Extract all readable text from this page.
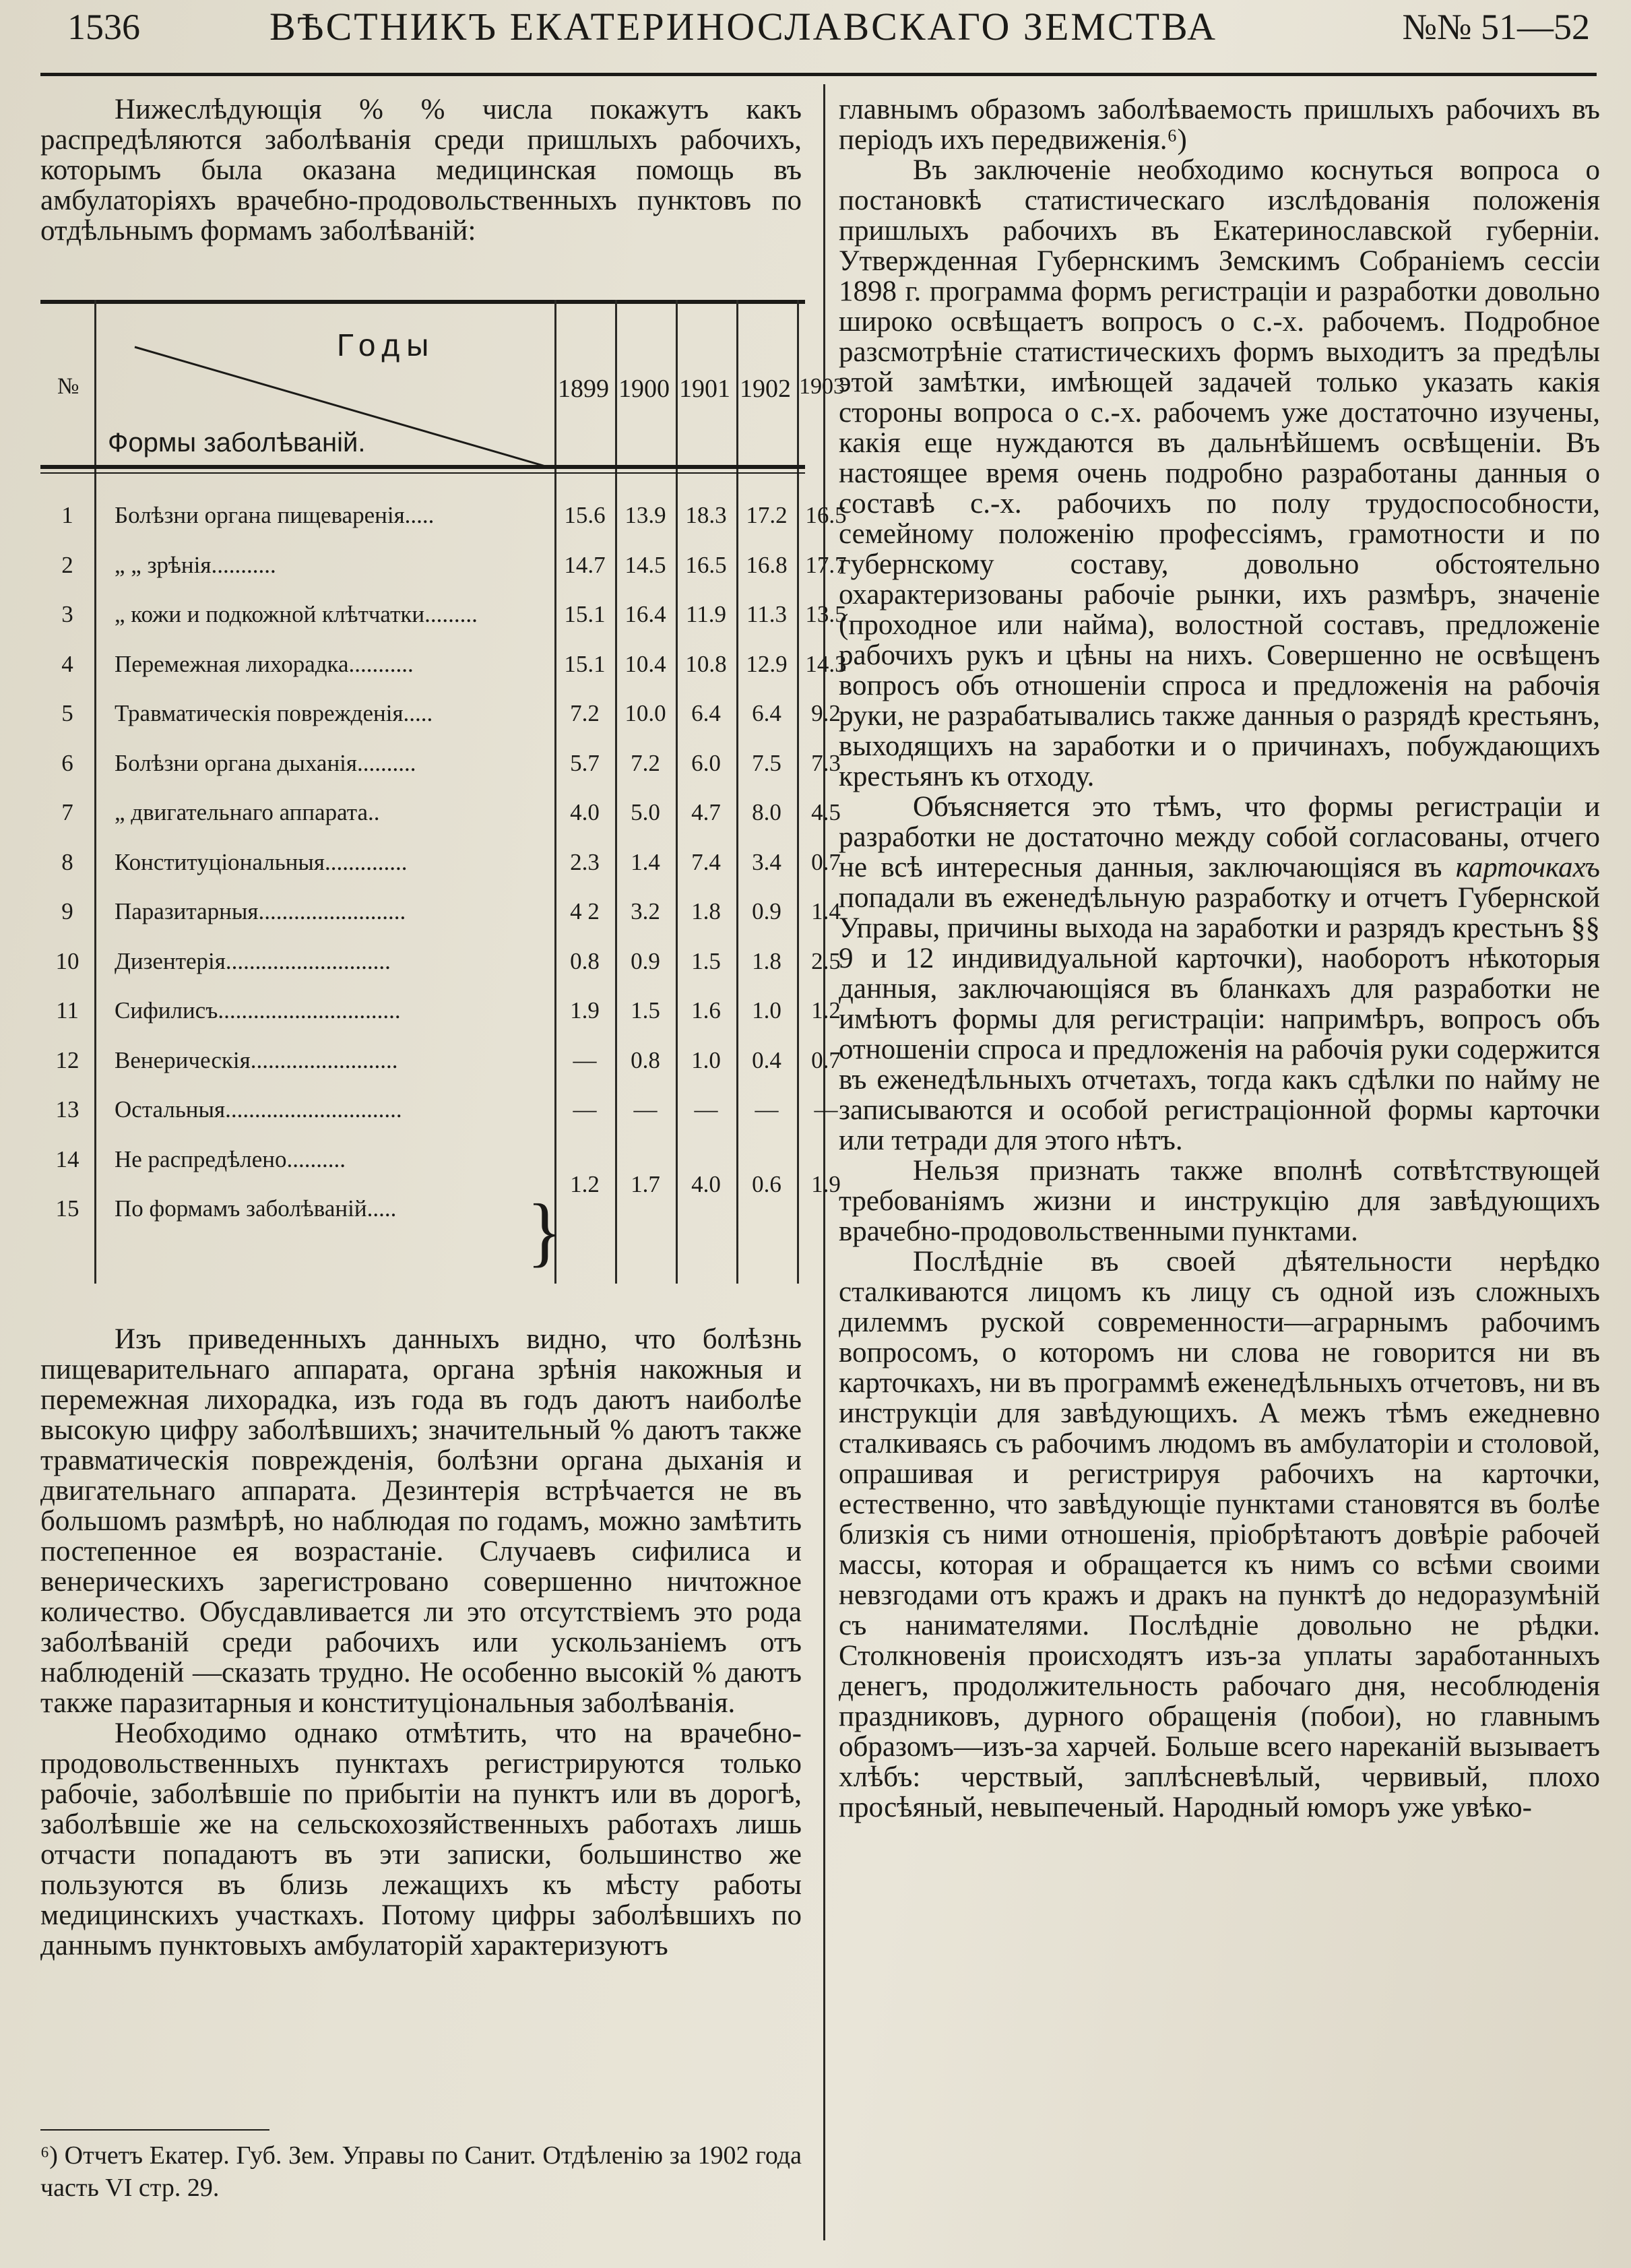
1536	ВѢСТНИКЪ ЕКАТЕРИНОСЛАВСКАГО ЗЕМСТВА	№№ 51—52

Нижеслѣдующія % % числа покажутъ какъ распредѣляются заболѣванія среди пришлыхъ рабочихъ, которымъ была оказана медицинская помощь въ амбулаторіяхъ врачебно-продовольственныхъ пунктовъ по отдѣльнымъ формамъ заболѣваній:

№
Годы
Формы заболѣваній.
1899 1900 1901 1902 1903
1	Болѣзни органа пищеваренія.....	15.6 13.9 18.3 17.2 16.5
2	„ „ зрѣнія...........	14.7 14.5 16.5 16.8 17.7
3	„ кожи и подкожной клѣтчатки.........	15.1 16.4 11.9 11.3 13.5
4	Перемежная лихорадка...........	15.1 10.4 10.8 12.9 14.3
5	Травматическія поврежденія.....	7.2	10.0	6.4	6.4	9.2
6	Болѣзни органа дыханія..........	5.7	7.2	6.0	7.5	7.3
7	„ двигательнаго аппарата..	4.0	5.0	4.7	8.0	4.5
8	Конституціональныя..............	2.3	1.4	7.4	3.4	0.7
9	Паразитарныя.........................	4 2	3.2	1.8	0.9	1.4
10	Дизентерія............................	0.8	0.9	1.5	1.8	2.5
11	Сифилисъ...............................	1.9	1.5	1.6	1.0	1.2
12	Венерическія.........................	—	0.8	1.0	0.4	0.7
13	Остальныя..............................	—	—	—	—	—
14	Не распредѣлено..........
15	По формамъ заболѣваній.....
1.2	1.7	4.0	0.6	1.9
}

Изъ приведенныхъ данныхъ видно, что болѣзнь пищеварительнаго аппарата, органа зрѣнія накожныя и перемежная лихорадка, изъ года въ годъ даютъ наиболѣе высокую цифру заболѣвшихъ; значительный % даютъ также травматическія поврежденія, болѣзни органа дыханія и двигательнаго аппарата. Дезинтерія встрѣчается не въ большомъ размѣрѣ, но наблюдая по годамъ, можно замѣтить постепенное ея возрастаніе. Случаевъ сифилиса и венерическихъ зарегистровано совершенно ничтожное количество. Обусдавливается ли это отсутствіемъ это рода заболѣваній среди рабочихъ или ускользаніемъ отъ наблюденій —сказать трудно. Не особенно высокій % даютъ также паразитарныя и конституціональныя заболѣванія.

Необходимо однако отмѣтить, что на врачебно-продовольственныхъ пунктахъ регистрируются только рабочіе, заболѣвшіе по прибытіи на пунктъ или въ дорогѣ, заболѣвшіе же на сельскохозяйственныхъ работахъ лишь отчасти попадаютъ въ эти записки, большинство же пользуются въ близь лежащихъ къ мѣсту работы медицинскихъ участкахъ. Потому цифры заболѣвшихъ по даннымъ пунктовыхъ амбулаторій характеризуютъ

⁶) Отчетъ Екатер. Губ. Зем. Управы по Санит. Отдѣленію за 1902 года часть VI стр. 29.

главнымъ образомъ заболѣваемость пришлыхъ рабочихъ въ періодъ ихъ передвиженія.⁶)

Въ заключеніе необходимо коснуться вопроса о постановкѣ статистическаго изслѣдованія положенія пришлыхъ рабочихъ въ Екатеринославской губерніи. Утвержденная Губернскимъ Земскимъ Собраніемъ сессіи 1898 г. программа формъ регистраціи и разработки довольно широко освѣщаетъ вопросъ о с.-х. рабочемъ. Подробное разсмотрѣніе статистическихъ формъ выходитъ за предѣлы этой замѣтки, имѣющей задачей только указать какія стороны вопроса о с.-х. рабочемъ уже достаточно изучены, какія еще нуждаются въ дальнѣйшемъ освѣщеніи. Въ настоящее время очень подробно разработаны данныя о составѣ с.-х. рабочихъ по полу трудоспособности, семейному положенію профессіямъ, грамотности и по губернскому составу, довольно обстоятельно охарактеризованы рабочіе рынки, ихъ размѣръ, значеніе (проходное или найма), волостной составъ, предложеніе рабочихъ рукъ и цѣны на нихъ. Совершенно не освѣщенъ вопросъ объ отношеніи спроса и предложенія на рабочія руки, не разрабатывались также данныя о разрядѣ крестьянъ, выходящихъ на заработки и о причинахъ, побуждающихъ крестьянъ къ отходу.

Объясняется это тѣмъ, что формы регистраціи и разработки не достаточно между собой согласованы, отчего не всѣ интересныя данныя, заключающіяся въ карточкахъ попадали въ еженедѣльную разработку и отчетъ Губернской Управы, причины выхода на заработки и разрядъ крестьнъ §§ 9 и 12 индивидуальной карточки), наоборотъ нѣкоторыя данныя, заключающіяся въ бланкахъ для разработки не имѣютъ формы для регистраціи: напримѣръ, вопросъ объ отношеніи спроса и предложенія на рабочія руки содержится въ еженедѣльныхъ отчетахъ, тогда какъ сдѣлки по найму не записываются и особой регистраціонной формы карточки или тетради для этого нѣтъ.

Нельзя признать также вполнѣ сотвѣтствующей требованіямъ жизни и инструкцію для завѣдующихъ врачебно-продовольственными пунктами.

Послѣдніе въ своей дѣятельности нерѣдко сталкиваются лицомъ къ лицу съ одной изъ сложныхъ дилеммъ руской современности—аграрнымъ рабочимъ вопросомъ, о которомъ ни слова не говорится ни въ карточкахъ, ни въ программѣ еженедѣльныхъ отчетовъ, ни въ инструкціи для завѣдующихъ. А межъ тѣмъ ежедневно сталкиваясь съ рабочимъ людомъ въ амбулаторіи и столовой, опрашивая и регистрируя рабочихъ на карточки, естественно, что завѣдующіе пунктами становятся въ болѣе близкія съ ними отношенія, пріобрѣтаютъ довѣріе рабочей массы, которая и обращается къ нимъ со всѣми своими невзгодами отъ кражъ и дракъ на пунктѣ до недоразумѣній съ нанимателями. Послѣдніе довольно не рѣдки. Столкновенія происходятъ изъ-за уплаты заработанныхъ денегъ, продолжительность рабочаго дня, несоблюденія праздниковъ, дурного обращенія (побои), но главнымъ образомъ—изъ-за харчей. Больше всего нареканій вызываетъ хлѣбъ: черствый, заплѣсневѣлый, червивый, плохо просѣяный, невыпеченый. Народный юморъ уже увѣко-
